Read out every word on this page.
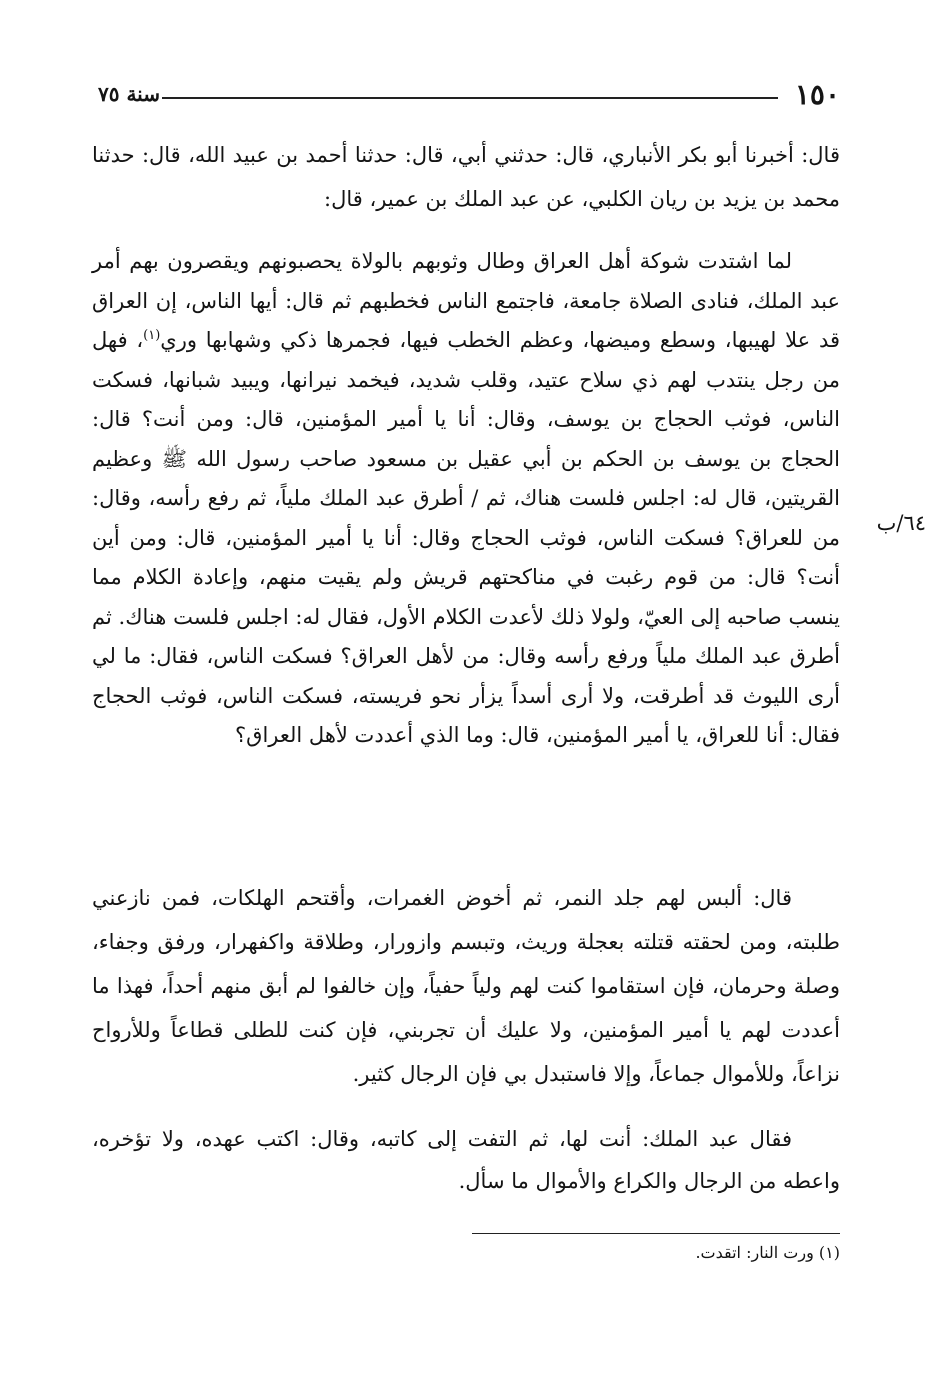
١٥٠
سنة ٧٥

قال: أخبرنا أبو بكر الأنباري، قال: حدثني أبي، قال: حدثنا أحمد بن عبيد الله، قال: حدثنا محمد بن يزيد بن ريان الكلبي، عن عبد الملك بن عمير، قال:

لما اشتدت شوكة أهل العراق وطال وثوبهم بالولاة يحصبونهم ويقصرون بهم أمر عبد الملك، فنادى الصلاة جامعة، فاجتمع الناس فخطبهم ثم قال: أيها الناس، إن العراق قد علا لهيبها، وسطع وميضها، وعظم الخطب فيها، فجمرها ذكي وشهابها وري$^{(١)}$، فهل من رجل ينتدب لهم ذي سلاح عتيد، وقلب شديد، فيخمد نيرانها، ويبيد شبانها، فسكت الناس، فوثب الحجاج بن يوسف، وقال: أنا يا أمير المؤمنين، قال: ومن أنت؟ قال: الحجاج بن يوسف بن الحكم بن أبي عقيل بن مسعود صاحب رسول الله ﷺ وعظيم القريتين، قال له: اجلس فلست هناك، ثم / أطرق عبد الملك ملياً، ثم رفع رأسه، وقال: من للعراق؟ فسكت الناس، فوثب الحجاج وقال: أنا يا أمير المؤمنين، قال: ومن أين أنت؟ قال: من قوم رغبت في مناكحتهم قريش ولم يقيت منهم، وإعادة الكلام مما ينسب صاحبه إلى العيّ، ولولا ذلك لأعدت الكلام الأول، فقال له: اجلس فلست هناك. ثم أطرق عبد الملك ملياً ورفع رأسه وقال: من لأهل العراق؟ فسكت الناس، فقال: ما لي أرى الليوث قد أطرقت، ولا أرى أسداً يزأر نحو فريسته، فسكت الناس، فوثب الحجاج فقال: أنا للعراق، يا أمير المؤمنين، قال: وما الذي أعددت لأهل العراق؟

٦٤/ب

قال: ألبس لهم جلد النمر، ثم أخوض الغمرات، وأقتحم الهلكات، فمن نازعني طلبته، ومن لحقته قتلته بعجلة وريث، وتبسم وازورار، وطلاقة واكفهرار، ورفق وجفاء، وصلة وحرمان، فإن استقاموا كنت لهم ولياً حفياً، وإن خالفوا لم أبق منهم أحداً، فهذا ما أعددت لهم يا أمير المؤمنين، ولا عليك أن تجربني، فإن كنت للطلى قطاعاً وللأرواح نزاعاً، وللأموال جماعاً، وإلا فاستبدل بي فإن الرجال كثير.

فقال عبد الملك: أنت لها، ثم التفت إلى كاتبه، وقال: اكتب عهده، ولا تؤخره، واعطه من الرجال والكراع والأموال ما سأل.

(١) ورت النار: اتقدت.
